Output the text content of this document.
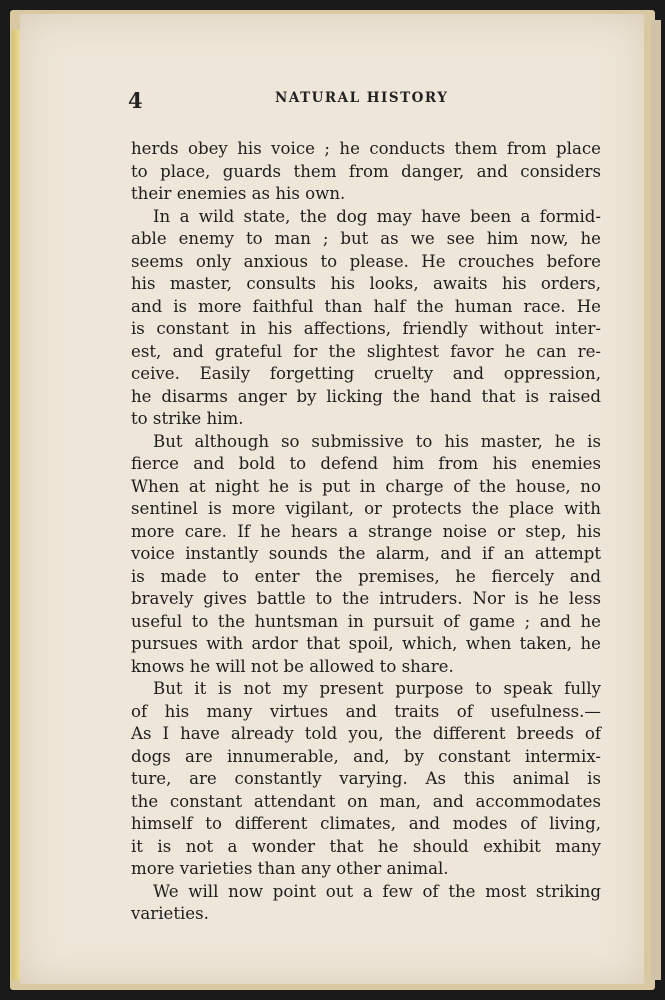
4	NATURAL HISTORY
herds obey his voice ; he conducts them from place
to place, guards them from danger, and considers
their enemies as his own.
In a wild state, the dog may have been a formid-
able enemy to man ; but as we see him now, he
seems only anxious to please. He crouches before
his master, consults his looks, awaits his orders,
and is more faithful than half the human race. He
is constant in his affections, friendly without inter-
est, and grateful for the slightest favor he can re-
ceive. Easily forgetting cruelty and oppression,
he disarms anger by licking the hand that is raised
to strike him.
But although so submissive to his master, he is
fierce and bold to defend him from his enemies
When at night he is put in charge of the house, no
sentinel is more vigilant, or protects the place with
more care. If he hears a strange noise or step, his
voice instantly sounds the alarm, and if an attempt
is made to enter the premises, he fiercely and
bravely gives battle to the intruders. Nor is he less
useful to the huntsman in pursuit of game ; and he
pursues with ardor that spoil, which, when taken, he
knows he will not be allowed to share.
But it is not my present purpose to speak fully
of his many virtues and traits of usefulness.—
As I have already told you, the different breeds of
dogs are innumerable, and, by constant intermix-
ture, are constantly varying. As this animal is
the constant attendant on man, and accommodates
himself to different climates, and modes of living,
it is not a wonder that he should exhibit many
more varieties than any other animal.
We will now point out a few of the most striking
varieties.
